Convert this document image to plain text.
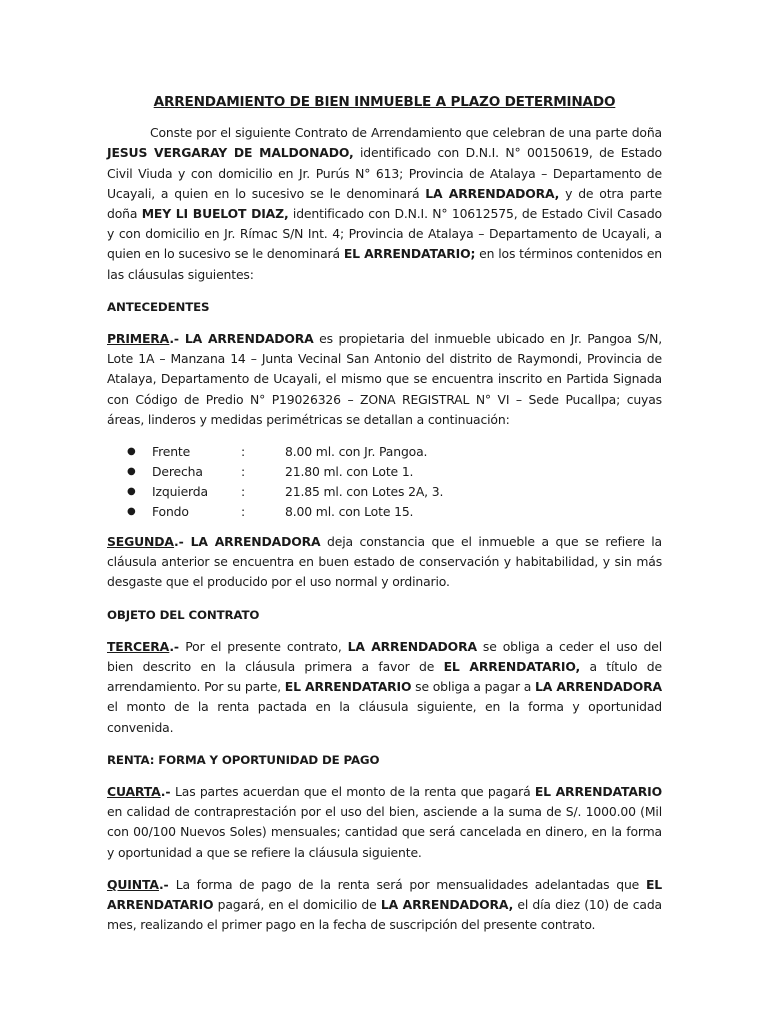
ARRENDAMIENTO DE BIEN INMUEBLE A PLAZO DETERMINADO

Conste por el siguiente Contrato de Arrendamiento que celebran de una parte doña JESUS VERGARAY DE MALDONADO, identificado con D.N.I. N° 00150619, de Estado Civil Viuda y con domicilio en Jr. Purús N° 613; Provincia de Atalaya – Departamento de Ucayali, a quien en lo sucesivo se le denominará LA ARRENDADORA, y de otra parte doña MEY LI BUELOT DIAZ, identificado con D.N.I. N° 10612575, de Estado Civil Casado y con domicilio en Jr. Rímac S/N Int. 4; Provincia de Atalaya – Departamento de Ucayali, a quien en lo sucesivo se le denominará EL ARRENDATARIO; en los términos contenidos en las cláusulas siguientes:

ANTECEDENTES

PRIMERA.- LA ARRENDADORA es propietaria del inmueble ubicado en Jr. Pangoa S/N, Lote 1A – Manzana 14 – Junta Vecinal San Antonio del distrito de Raymondi, Provincia de Atalaya, Departamento de Ucayali, el mismo que se encuentra inscrito en Partida Signada con Código de Predio N° P19026326 – ZONA REGISTRAL N° VI – Sede Pucallpa; cuyas áreas, linderos y medidas perimétricas se detallan a continuación:

●	Frente	:	8.00 ml. con Jr. Pangoa.
●	Derecha	:	21.80 ml. con Lote 1.
●	Izquierda	:	21.85 ml. con Lotes 2A, 3.
●	Fondo	:	8.00 ml. con Lote 15.

SEGUNDA.- LA ARRENDADORA deja constancia que el inmueble a que se refiere la cláusula anterior se encuentra en buen estado de conservación y habitabilidad, y sin más desgaste que el producido por el uso normal y ordinario.

OBJETO DEL CONTRATO

TERCERA.- Por el presente contrato, LA ARRENDADORA se obliga a ceder el uso del bien descrito en la cláusula primera a favor de EL ARRENDATARIO, a título de arrendamiento. Por su parte, EL ARRENDATARIO se obliga a pagar a LA ARRENDADORA el monto de la renta pactada en la cláusula siguiente, en la forma y oportunidad convenida.

RENTA: FORMA Y OPORTUNIDAD DE PAGO

CUARTA.- Las partes acuerdan que el monto de la renta que pagará EL ARRENDATARIO en calidad de contraprestación por el uso del bien, asciende a la suma de S/. 1000.00 (Mil con 00/100 Nuevos Soles) mensuales; cantidad que será cancelada en dinero, en la forma y oportunidad a que se refiere la cláusula siguiente.

QUINTA.- La forma de pago de la renta será por mensualidades adelantadas que EL ARRENDATARIO pagará, en el domicilio de LA ARRENDADORA, el día diez (10) de cada mes, realizando el primer pago en la fecha de suscripción del presente contrato.
